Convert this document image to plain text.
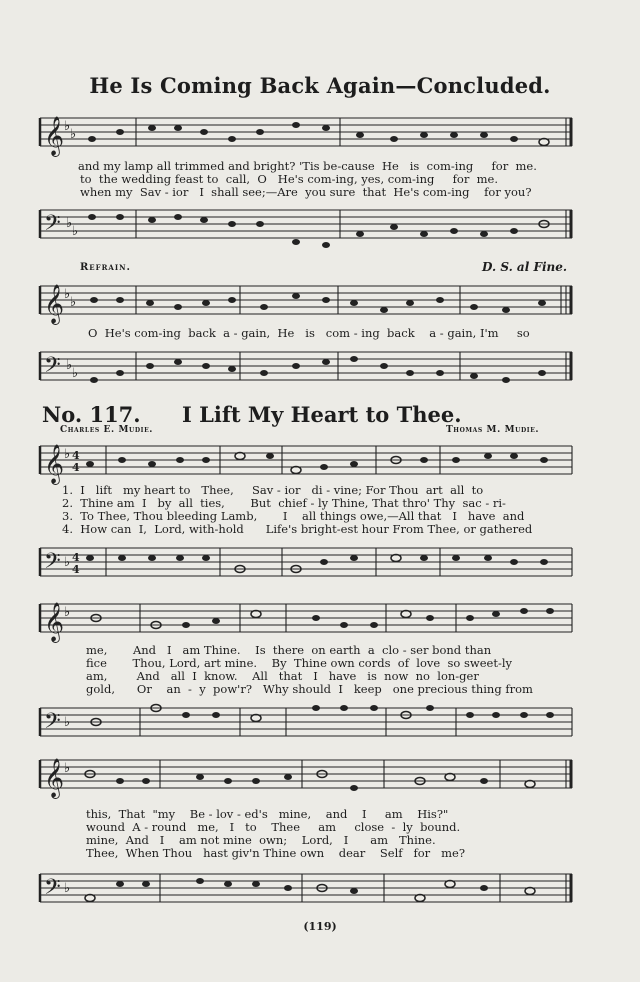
He Is Coming Back Again—Concluded.
𝄞 ♭
♭
and my lamp all trimmed and bright? 'Tis be-cause  He   is  com-ing     for  me.
to  the wedding feast to  call,  O   He's com-ing, yes, com-ing     for  me.
when my  Sav - ior   I  shall see;—Are  you sure  that  He's com-ing    for you?
𝄢 ♭
♭
Refrain.	D. S. al Fine.
𝄞 ♭
♭
O  He's com-ing  back  a - gain,  He   is   com - ing  back    a - gain, I'm     so
𝄢 ♭
♭
No. 117. I Lift My Heart to Thee.
Charles E. Mudie.	Thomas M. Mudie.
𝄞 ♭ 4
4
1.  I   lift   my heart to   Thee,     Sav - ior   di - vine; For Thou  art  all  to
2.  Thine am  I   by  all  ties,       But  chief - ly Thine, That thro' Thy  sac - ri-
3.  To Thee, Thou bleeding Lamb,       I    all things owe,—All that   I   have  and
4.  How can  I,  Lord, with-hold      Life's bright-est hour From Thee, or gathered
𝄢 ♭ 4
4
𝄞 ♭
me,       And   I   am Thine.    Is  there  on earth  a  clo - ser bond than
fice       Thou, Lord, art mine.    By  Thine own cords  of  love  so sweet-ly
am,        And   all  I  know.    All   that   I   have   is  now  no  lon-ger
gold,      Or    an  -  y  pow'r?   Why should  I   keep   one precious thing from
𝄢 ♭
𝄞 ♭
this,  That  "my    Be - lov - ed's   mine,    and    I     am    His?"
wound  A - round   me,   I   to    Thee     am     close  -  ly  bound.
mine,  And   I    am not mine  own;    Lord,   I      am   Thine.
Thee,  When Thou   hast giv'n Thine own    dear    Self   for   me?
𝄢 ♭
(119)
